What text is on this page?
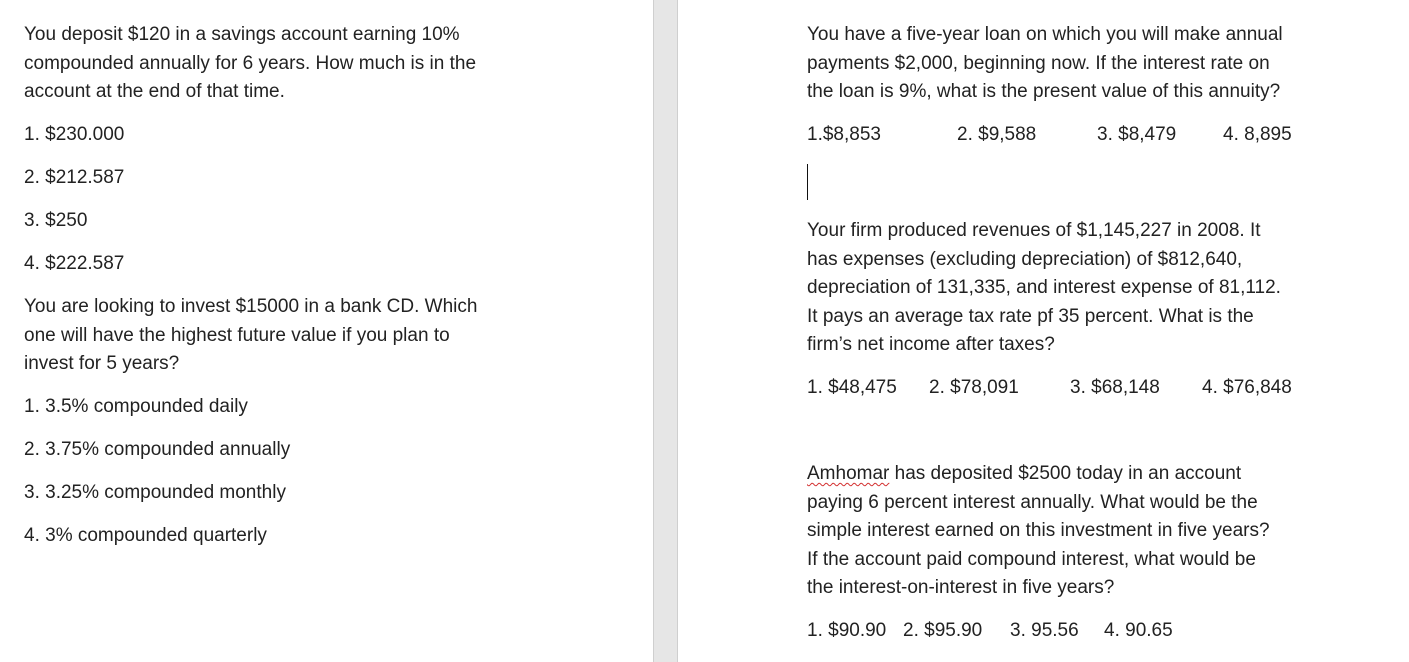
You deposit $120 in a savings account earning 10%
compounded annually for 6 years. How much is in the
account at the end of that time.
1. $230.000
2. $212.587
3. $250
4. $222.587
You are looking to invest $15000 in a bank CD. Which
one will have the highest future value if you plan to
invest for 5 years?
1. 3.5% compounded daily
2. 3.75% compounded annually
3. 3.25% compounded monthly
4. 3% compounded quarterly
You have a five-year loan on which you will make annual
payments $2,000, beginning now. If the interest rate on
the loan is 9%, what is the present value of this annuity?
1.$8,853	2. $9,588	3. $8,479 4. 8,895
Your firm produced revenues of $1,145,227 in 2008. It
has expenses (excluding depreciation) of $812,640,
depreciation of 131,335, and interest expense of 81,112.
It pays an average tax rate pf 35 percent. What is the
firm’s net income after taxes?
1. $48,475 2. $78,091	3. $68,148 4. $76,848
Amhomar has deposited $2500 today in an account
paying 6 percent interest annually. What would be the
simple interest earned on this investment in five years?
If the account paid compound interest, what would be
the interest-on-interest in five years?
1. $90.90 2. $95.90 3. 95.56 4. 90.65
